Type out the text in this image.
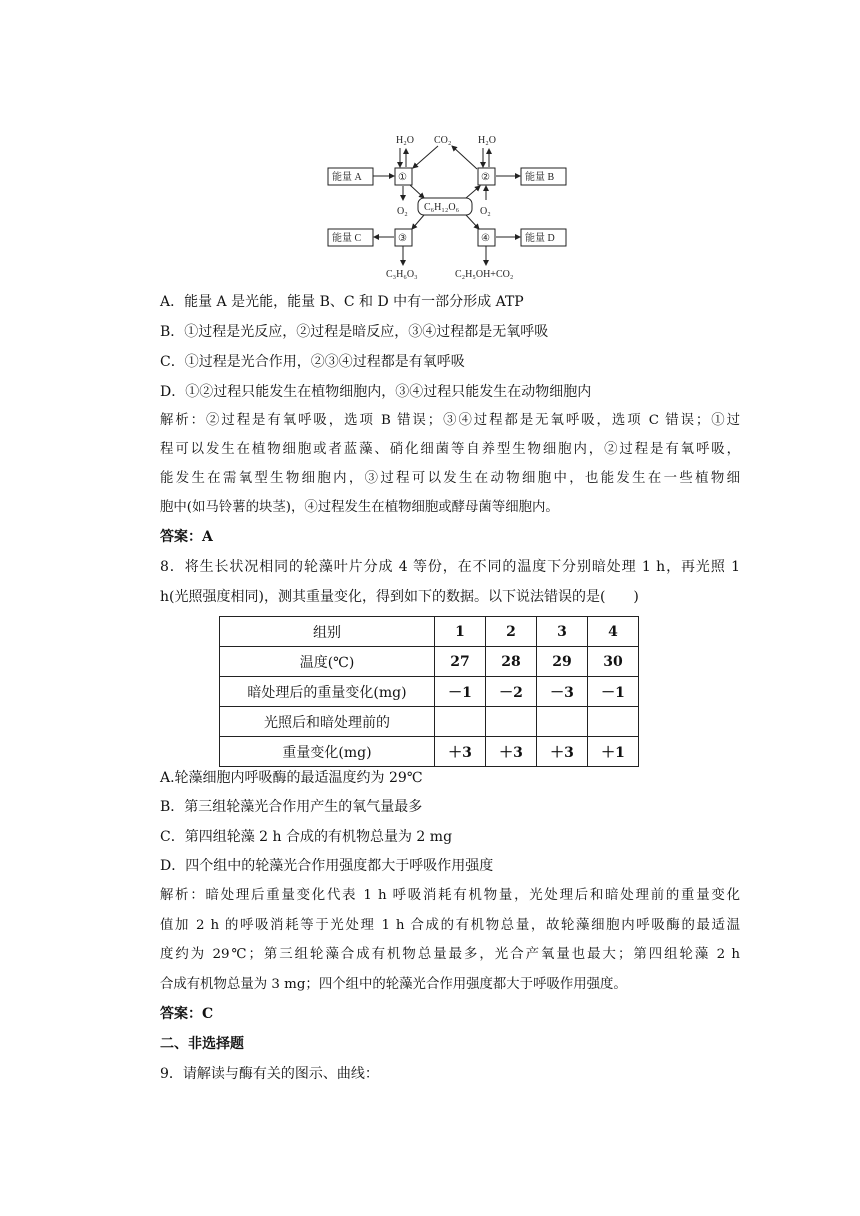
H₂O CO₂	H₂O
能量 A	能量 B
能量 C	能量 D
①	②
③	④
C₆H₁₂O₆
O₂	O₂
C₃H₆O₃	C₂H₅OH+CO₂
A．能量 A 是光能，能量 B、C 和 D 中有一部分形成 ATP
B．①过程是光反应，②过程是暗反应，③④过程都是无氧呼吸
C．①过程是光合作用，②③④过程都是有氧呼吸
D．①②过程只能发生在植物细胞内，③④过程只能发生在动物细胞内
解析：②过程是有氧呼吸，选项 B 错误；③④过程都是无氧呼吸，选项 C 错误；①过
程可以发生在植物细胞或者蓝藻、硝化细菌等自养型生物细胞内，②过程是有氧呼吸，
能发生在需氧型生物细胞内，③过程可以发生在动物细胞中，也能发生在一些植物细
胞中(如马铃薯的块茎)，④过程发生在植物细胞或酵母菌等细胞内。
答案：A
8．将生长状况相同的轮藻叶片分成 4 等份，在不同的温度下分别暗处理 1 h，再光照 1
h(光照强度相同)，测其重量变化，得到如下的数据。以下说法错误的是(　　)
组别	1	2	3	4
温度(℃)	27	28	29	30
暗处理后的重量变化(mg)	－1	－2	－3	－1
光照后和暗处理前的				
重量变化(mg)	＋3	＋3	＋3	＋1
A.轮藻细胞内呼吸酶的最适温度约为 29℃
B．第三组轮藻光合作用产生的氧气量最多
C．第四组轮藻 2 h 合成的有机物总量为 2 mg
D．四个组中的轮藻光合作用强度都大于呼吸作用强度
解析：暗处理后重量变化代表 1 h 呼吸消耗有机物量，光处理后和暗处理前的重量变化
值加 2 h 的呼吸消耗等于光处理 1 h 合成的有机物总量，故轮藻细胞内呼吸酶的最适温
度约为 29℃；第三组轮藻合成有机物总量最多，光合产氧量也最大；第四组轮藻 2 h
合成有机物总量为 3 mg；四个组中的轮藻光合作用强度都大于呼吸作用强度。
答案：C
二、非选择题
9．请解读与酶有关的图示、曲线：
